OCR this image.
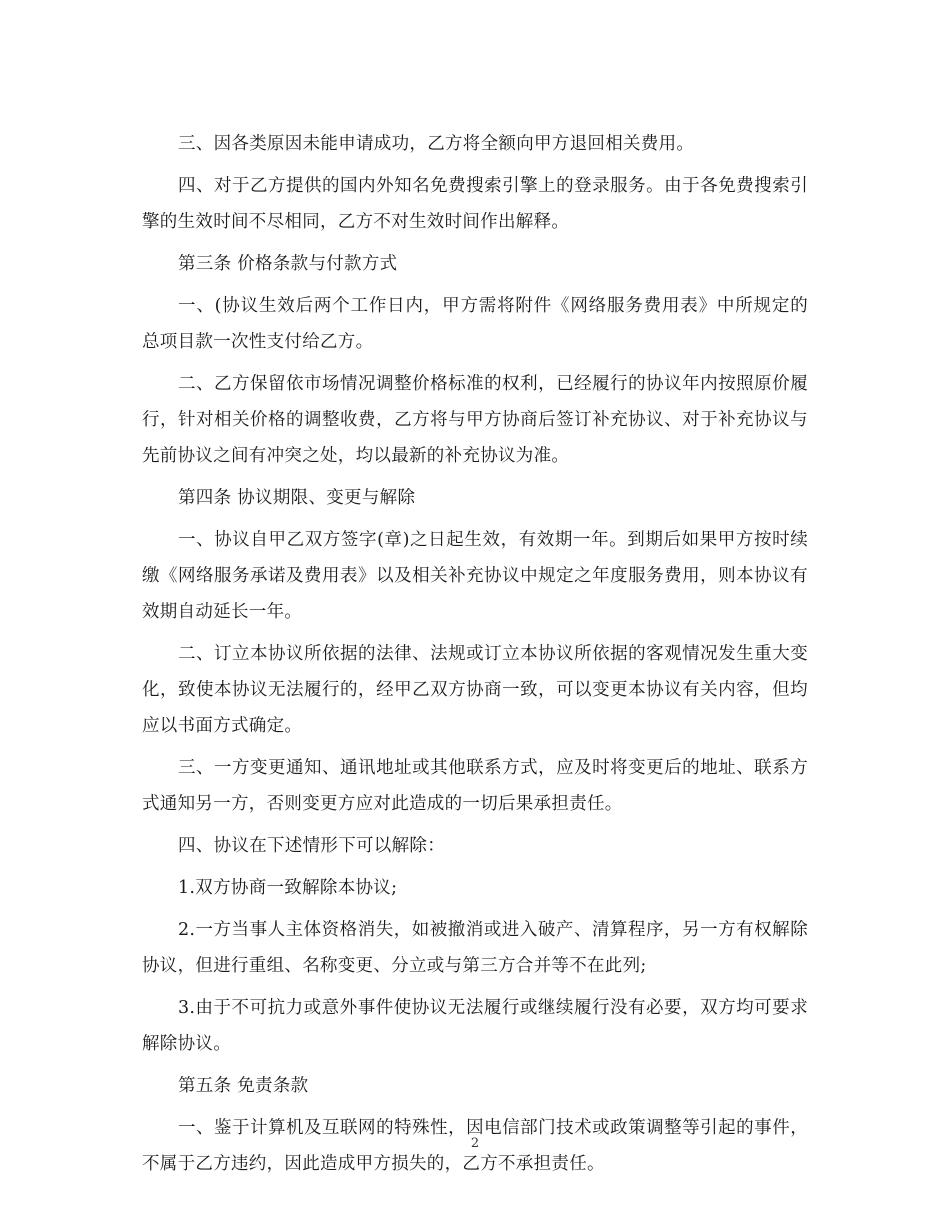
三、因各类原因未能申请成功，乙方将全额向甲方退回相关费用。

四、对于乙方提供的国内外知名免费搜索引擎上的登录服务。由于各免费搜索引擎的生效时间不尽相同，乙方不对生效时间作出解释。

第三条 价格条款与付款方式

一、(协议生效后两个工作日内，甲方需将附件《网络服务费用表》中所规定的总项目款一次性支付给乙方。

二、乙方保留依市场情况调整价格标准的权利，已经履行的协议年内按照原价履行，针对相关价格的调整收费，乙方将与甲方协商后签订补充协议、对于补充协议与先前协议之间有冲突之处，均以最新的补充协议为准。

第四条 协议期限、变更与解除

一、协议自甲乙双方签字(章)之日起生效，有效期一年。到期后如果甲方按时续缴《网络服务承诺及费用表》以及相关补充协议中规定之年度服务费用，则本协议有效期自动延长一年。

二、订立本协议所依据的法律、法规或订立本协议所依据的客观情况发生重大变化，致使本协议无法履行的，经甲乙双方协商一致，可以变更本协议有关内容，但均应以书面方式确定。

三、一方变更通知、通讯地址或其他联系方式，应及时将变更后的地址、联系方式通知另一方，否则变更方应对此造成的一切后果承担责任。

四、协议在下述情形下可以解除：

1.双方协商一致解除本协议;

2.一方当事人主体资格消失，如被撤消或进入破产、清算程序，另一方有权解除协议，但进行重组、名称变更、分立或与第三方合并等不在此列;

3.由于不可抗力或意外事件使协议无法履行或继续履行没有必要，双方均可要求解除协议。

第五条 免责条款

一、鉴于计算机及互联网的特殊性，因电信部门技术或政策调整等引起的事件，不属于乙方违约，因此造成甲方损失的，乙方不承担责任。

2
